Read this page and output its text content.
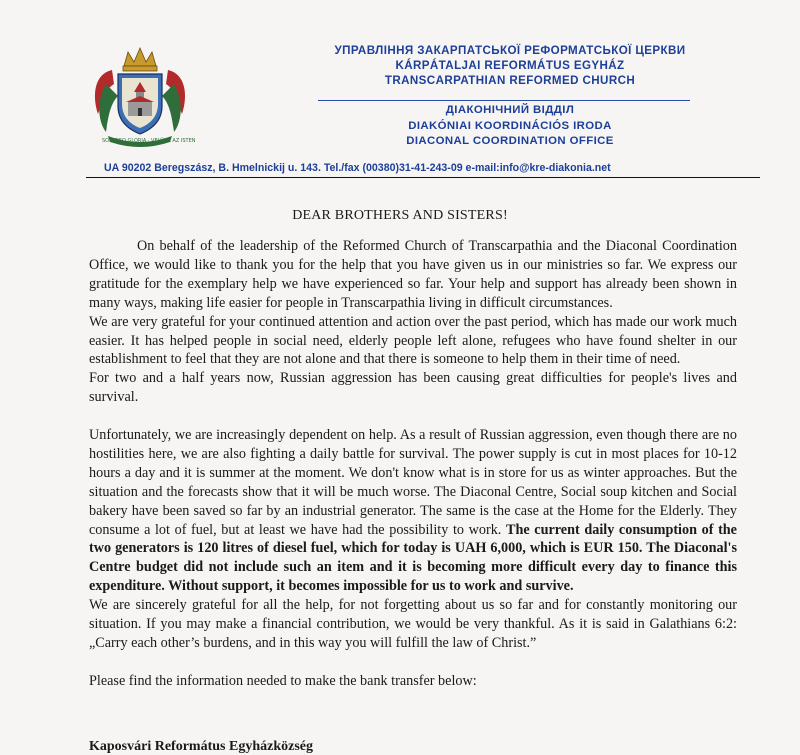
SOLI DEO GLORIA · VELÜNK AZ ISTEN
УПРАВЛІННЯ ЗАКАРПАТСЬКОЇ РЕФОРМАТСЬКОЇ ЦЕРКВИ
KÁRPÁTALJAI REFORMÁTUS EGYHÁZ
TRANSCARPATHIAN REFORMED CHURCH
ДІАКОНІЧНИЙ ВІДДІЛ
DIAKÓNIAI KOORDINÁCIÓS IRODA
DIACONAL COORDINATION OFFICE
UA 90202 Beregszász, B. Hmelnickij u. 143. Tel./fax (00380)31-41-243-09 e-mail:info@kre-diakonia.net
DEAR BROTHERS AND SISTERS!

On behalf of the leadership of the Reformed Church of Transcarpathia and the Diaconal Coordination Office, we would like to thank you for the help that you have given us in our ministries so far. We express our gratitude for the exemplary help we have experienced so far. Your help and support has already been shown in many ways, making life easier for people in Transcarpathia living in difficult circumstances.

We are very grateful for your continued attention and action over the past period, which has made our work much easier. It has helped people in social need, elderly people left alone, refugees who have found shelter in our establishment to feel that they are not alone and that there is someone to help them in their time of need.

For two and a half years now, Russian aggression has been causing great difficulties for people's lives and survival.

Unfortunately, we are increasingly dependent on help. As a result of Russian aggression, even though there are no hostilities here, we are also fighting a daily battle for survival. The power supply is cut in most places for 10-12 hours a day and it is summer at the moment. We don't know what is in store for us as winter approaches. But the situation and the forecasts show that it will be much worse. The Diaconal Centre, Social soup kitchen and Social bakery have been saved so far by an industrial generator. The same is the case at the Home for the Elderly. They consume a lot of fuel, but at least we have had the possibility to work. The current daily consumption of the two generators is 120 litres of diesel fuel, which for today is UAH 6,000, which is EUR 150. The Diaconal's Centre budget did not include such an item and it is becoming more difficult every day to finance this expenditure. Without support, it becomes impossible for us to work and survive.

We are sincerely grateful for all the help, for not forgetting about us so far and for constantly monitoring our situation. If you may make a financial contribution, we would be very thankful. As it is said in Galathians 6:2: „Carry each other’s burdens, and in this way you will fulfill the law of Christ.”

Please find the information needed to make the bank transfer below:

Kaposvári Református Egyházközség
